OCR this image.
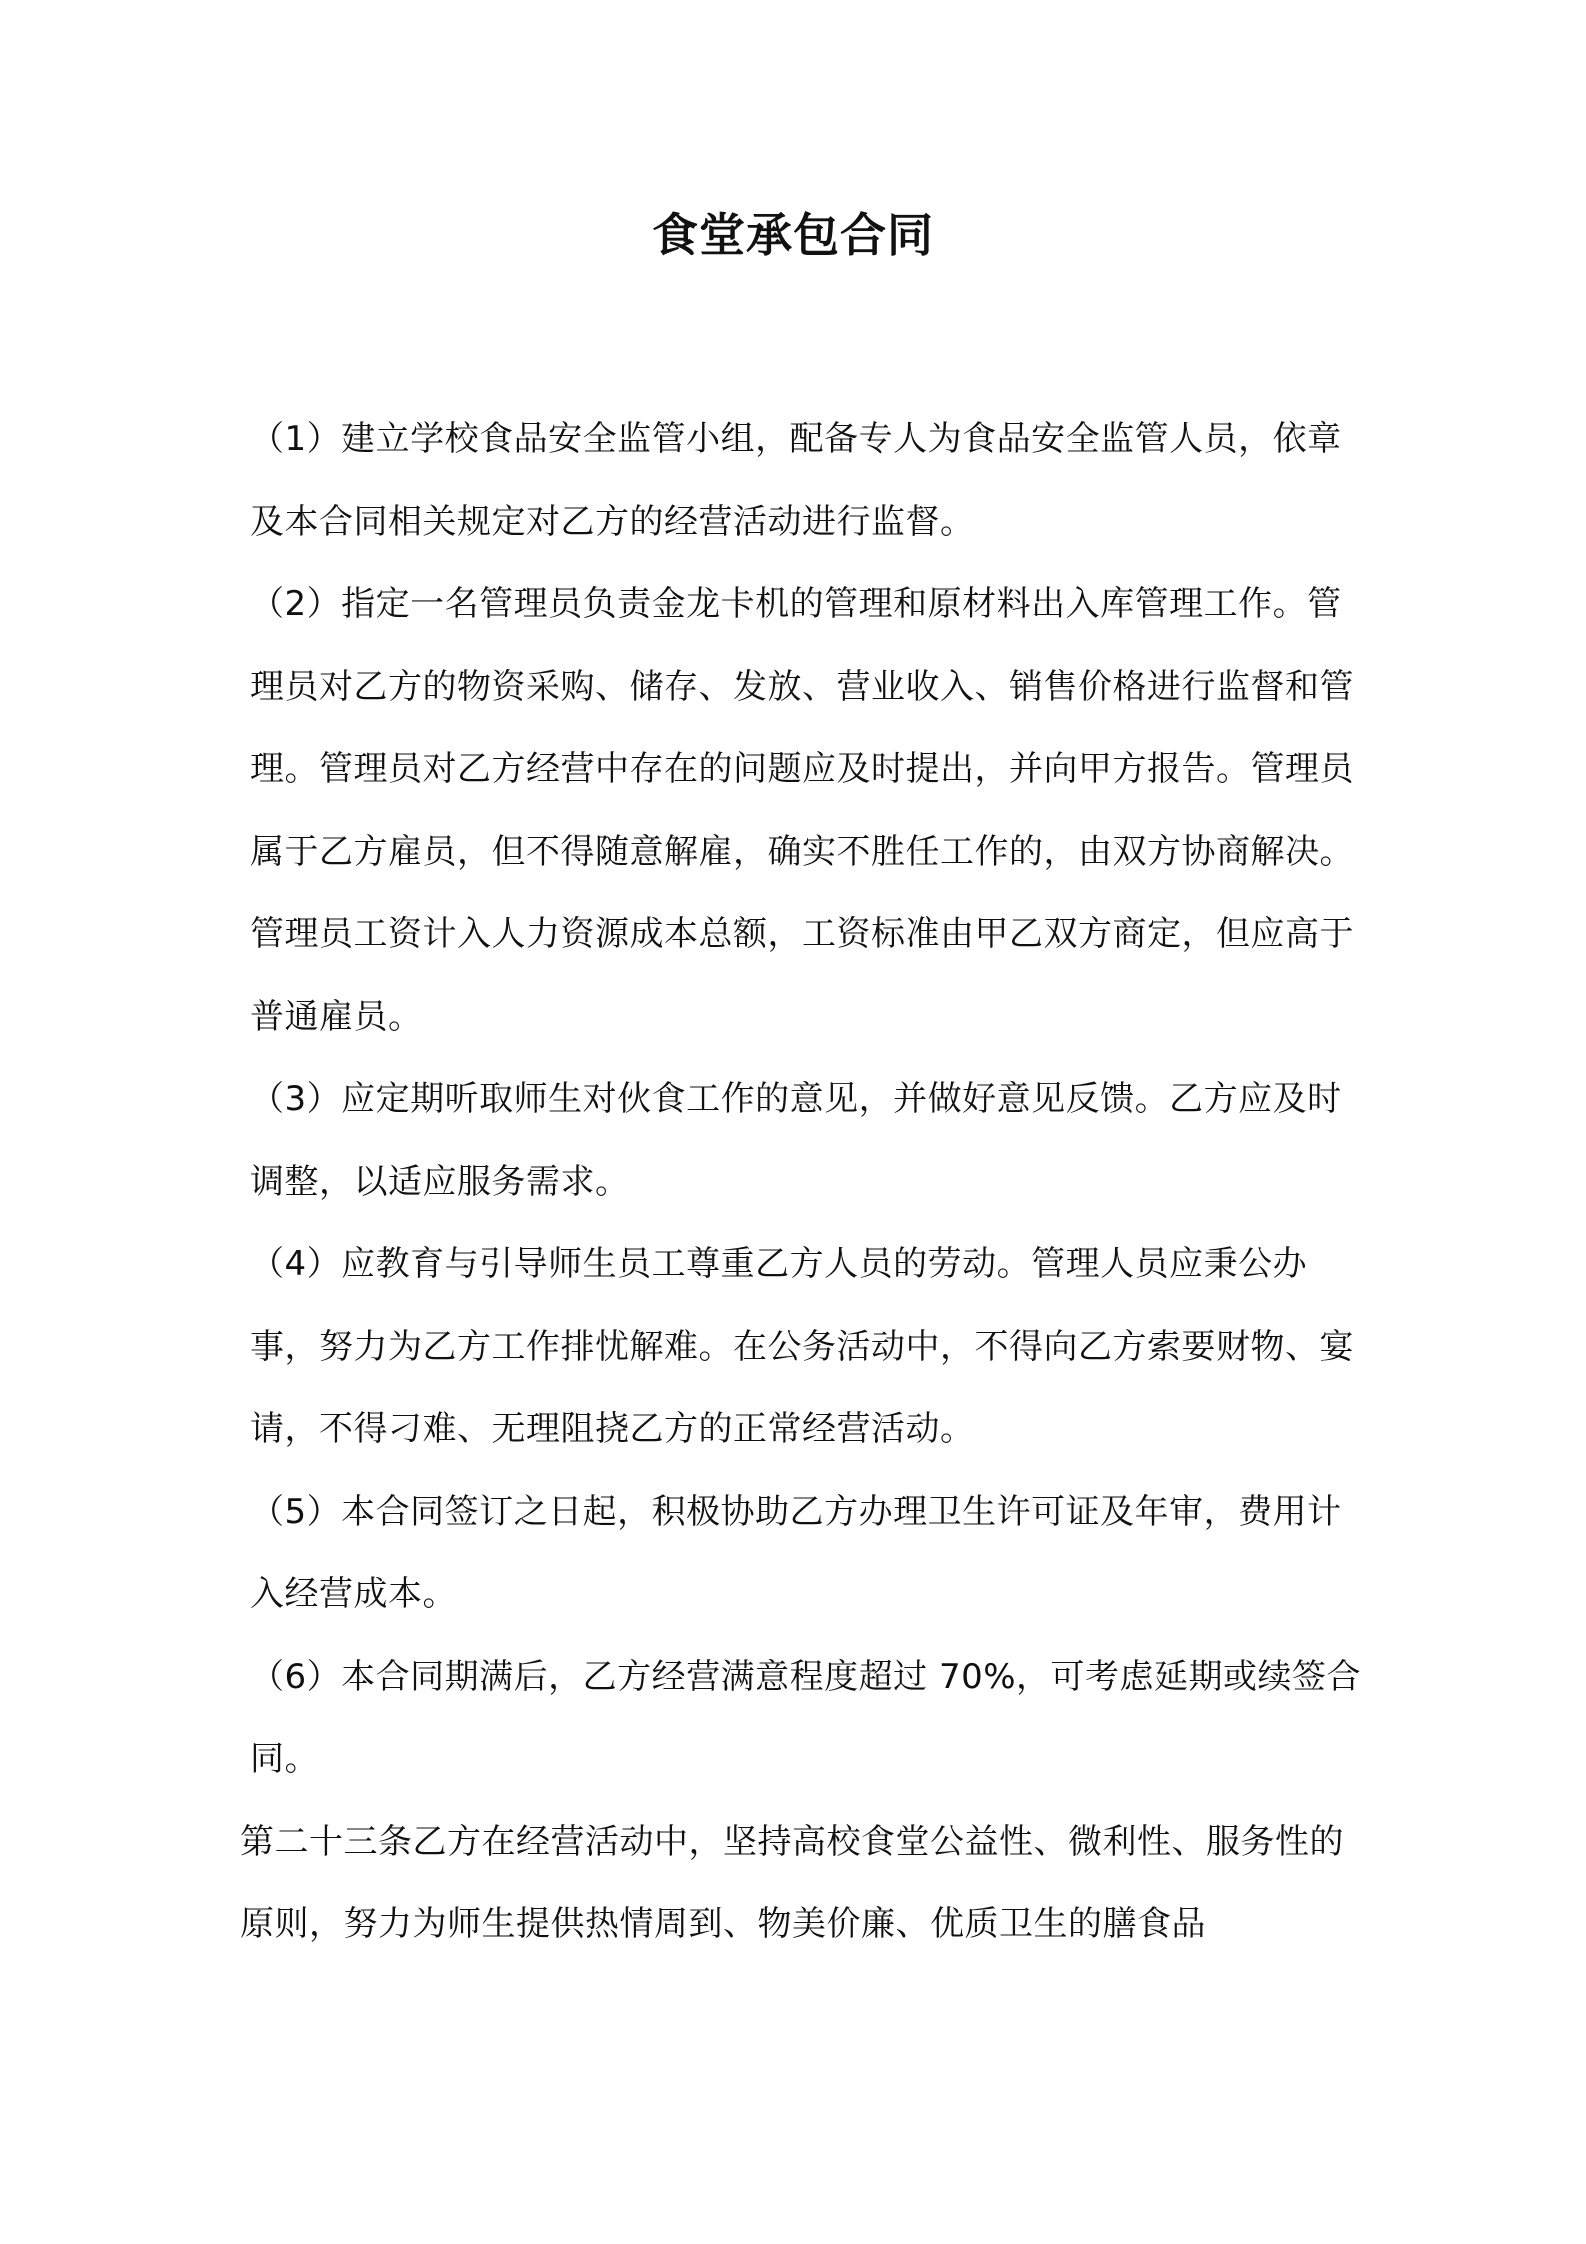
食堂承包合同

（1）建立学校食品安全监管小组，配备专人为食品安全监管人员，依章及本合同相关规定对乙方的经营活动进行监督。

（2）指定一名管理员负责金龙卡机的管理和原材料出入库管理工作。管理员对乙方的物资采购、储存、发放、营业收入、销售价格进行监督和管理。管理员对乙方经营中存在的问题应及时提出，并向甲方报告。管理员属于乙方雇员，但不得随意解雇，确实不胜任工作的，由双方协商解决。管理员工资计入人力资源成本总额，工资标准由甲乙双方商定，但应高于普通雇员。

（3）应定期听取师生对伙食工作的意见，并做好意见反馈。乙方应及时调整，以适应服务需求。

（4）应教育与引导师生员工尊重乙方人员的劳动。管理人员应秉公办事，努力为乙方工作排忧解难。在公务活动中，不得向乙方索要财物、宴请，不得刁难、无理阻挠乙方的正常经营活动。

（5）本合同签订之日起，积极协助乙方办理卫生许可证及年审，费用计入经营成本。

（6）本合同期满后，乙方经营满意程度超过 70%，可考虑延期或续签合同。

第二十三条乙方在经营活动中，坚持高校食堂公益性、微利性、服务性的原则，努力为师生提供热情周到、物美价廉、优质卫生的膳食品
